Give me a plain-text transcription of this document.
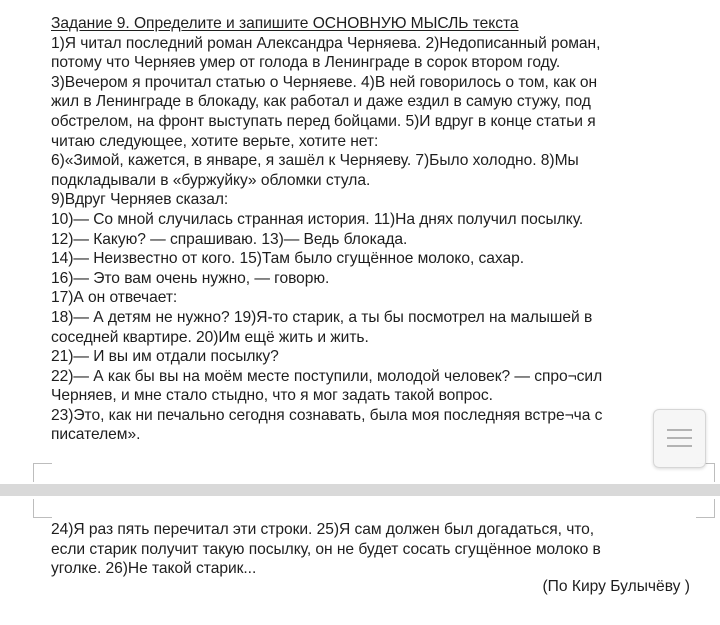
Задание 9. Определите и запишите ОСНОВНУЮ МЫСЛЬ текста
1)Я читал последний роман Александра Черняева. 2)Недописанный роман,
потому что Черняев умер от голода в Ленинграде в сорок втором году.
3)Вечером я прочитал статью о Черняеве. 4)В ней говорилось о том, как он
жил в Ленинграде в блокаду, как работал и даже ездил в самую стужу, под
обстрелом, на фронт выступать перед бойцами. 5)И вдруг в конце статьи я
читаю следующее, хотите верьте, хотите нет:
6)«Зимой, кажется, в январе, я зашёл к Черняеву. 7)Было холодно. 8)Мы
подкладывали в «буржуйку» обломки стула.
9)Вдруг Черняев сказал:
10)— Со мной случилась странная история. 11)На днях получил посылку.
12)— Какую? — спрашиваю. 13)— Ведь блокада.
14)— Неизвестно от кого. 15)Там было сгущённое молоко, сахар.
16)— Это вам очень нужно, — говорю.
17)А он отвечает:
18)— А детям не нужно? 19)Я-то старик, а ты бы посмотрел на малышей в
соседней квартире. 20)Им ещё жить и жить.
21)— И вы им отдали посылку?
22)— А как бы вы на моём месте поступили, молодой человек? — спро¬сил
Черняев, и мне стало стыдно, что я мог задать такой вопрос.
23)Это, как ни печально сегодня сознавать, была моя последняя встре¬ча с
писателем».
24)Я раз пять перечитал эти строки. 25)Я сам должен был догадаться, что,
если старик получит такую посылку, он не будет сосать сгущённое молоко в
уголке. 26)Не такой старик...
(По Киру Булычёву )
